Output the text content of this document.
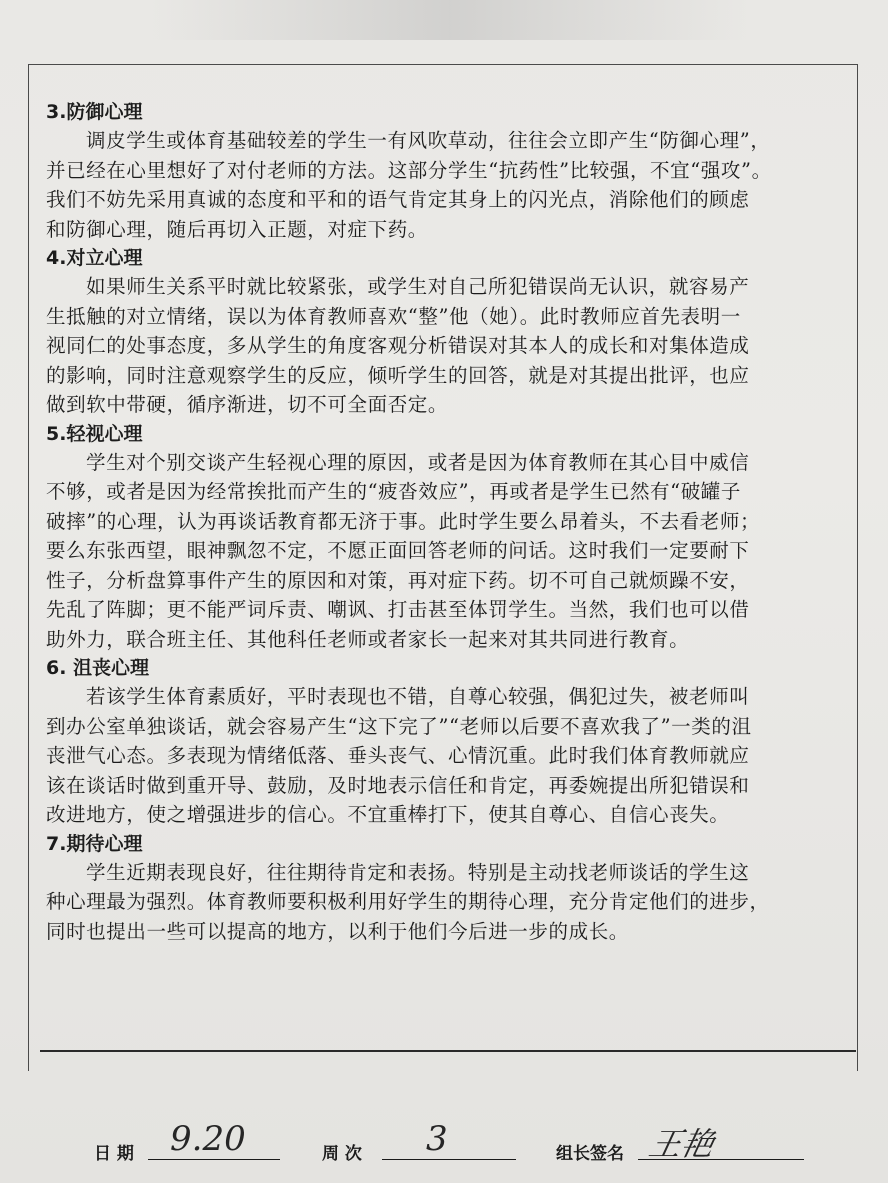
3.防御心理
调皮学生或体育基础较差的学生一有风吹草动，往往会立即产生“防御心理”，
并已经在心里想好了对付老师的方法。这部分学生“抗药性”比较强，不宜“强攻”。
我们不妨先采用真诚的态度和平和的语气肯定其身上的闪光点，消除他们的顾虑
和防御心理，随后再切入正题，对症下药。
4.对立心理
如果师生关系平时就比较紧张，或学生对自己所犯错误尚无认识，就容易产
生抵触的对立情绪，误以为体育教师喜欢“整”他（她）。此时教师应首先表明一
视同仁的处事态度，多从学生的角度客观分析错误对其本人的成长和对集体造成
的影响，同时注意观察学生的反应，倾听学生的回答，就是对其提出批评，也应
做到软中带硬，循序渐进，切不可全面否定。
5.轻视心理
学生对个别交谈产生轻视心理的原因，或者是因为体育教师在其心目中威信
不够，或者是因为经常挨批而产生的“疲沓效应”，再或者是学生已然有“破罐子
破摔”的心理，认为再谈话教育都无济于事。此时学生要么昂着头，不去看老师；
要么东张西望，眼神飘忽不定，不愿正面回答老师的问话。这时我们一定要耐下
性子，分析盘算事件产生的原因和对策，再对症下药。切不可自己就烦躁不安，
先乱了阵脚；更不能严词斥责、嘲讽、打击甚至体罚学生。当然，我们也可以借
助外力，联合班主任、其他科任老师或者家长一起来对其共同进行教育。
6. 沮丧心理
若该学生体育素质好，平时表现也不错，自尊心较强，偶犯过失，被老师叫
到办公室单独谈话，就会容易产生“这下完了”“老师以后要不喜欢我了”一类的沮
丧泄气心态。多表现为情绪低落、垂头丧气、心情沉重。此时我们体育教师就应
该在谈话时做到重开导、鼓励，及时地表示信任和肯定，再委婉提出所犯错误和
改进地方，使之增强进步的信心。不宜重棒打下，使其自尊心、自信心丧失。
7.期待心理
学生近期表现良好，往往期待肯定和表扬。特别是主动找老师谈话的学生这
种心理最为强烈。体育教师要积极利用好学生的期待心理，充分肯定他们的进步，
同时也提出一些可以提高的地方，以利于他们今后进一步的成长。
日 期 9.20	周 次 3	组长签名 王艳
